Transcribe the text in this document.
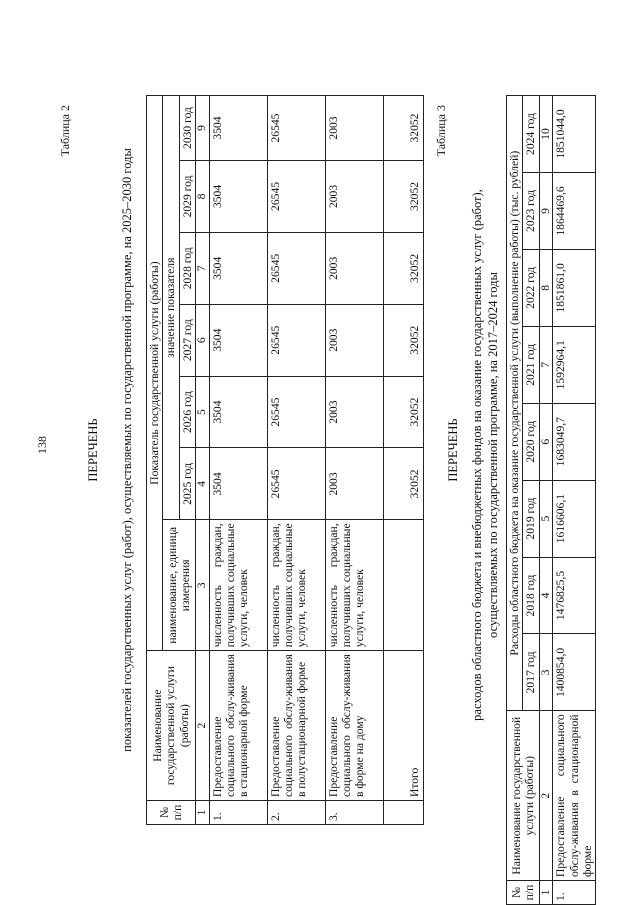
138
Таблица 2
ПЕРЕЧЕНЬ показателей государственных услуг (работ), осуществляемых по государственной программе, на 2025–2030 годы
№ п/п	Наименование государственной услуги (работы)	Показатель государственной услуги (работы)						
		наименование, единица измерения	значение показателя					
			2025 год	2026 год	2027 год	2028 год	2029 год	2030 год
1	2	3	4	5	6	7	8	9
1.	Предоставление социального обслу-живания в стационарной форме	численность граждан, получивших социальные услуги, человек	3504	3504	3504	3504	3504	3504
2.	Предоставление социального обслу-живания в полустационарной форме	численность граждан, получивших социальные услуги, человек	26545	26545	26545	26545	26545	26545
3.	Предоставление социального обслу-живания в форме на дому	численность граждан, получивших социальные услуги, человек	2003	2003	2003	2003	2003	2003
	Итого		32052	32052	32052	32052	32052	32052 Таблица 3
ПЕРЕЧЕНЬ расходов областного бюджета и внебюджетных фондов на оказание государственных услуг (работ), осуществляемых по государственной программе, на 2017–2024 годы
№ п/п	Наименование государственной услуги (работы)	Расходы областного бюджета на оказание государственной услуги (выполнение работы) (тыс. рублей)							
		2017 год	2018 год	2019 год	2020 год	2021 год	2022 год	2023 год	2024 год
1	2	3	4	5	6	7	8	9	10
1.	Предоставление социального обслу-живания в стационарной форме	1400854,0	1476825,5	1616606,1	1683049,7	1592964,1	1851861,0	1864469,6	1851044,0
